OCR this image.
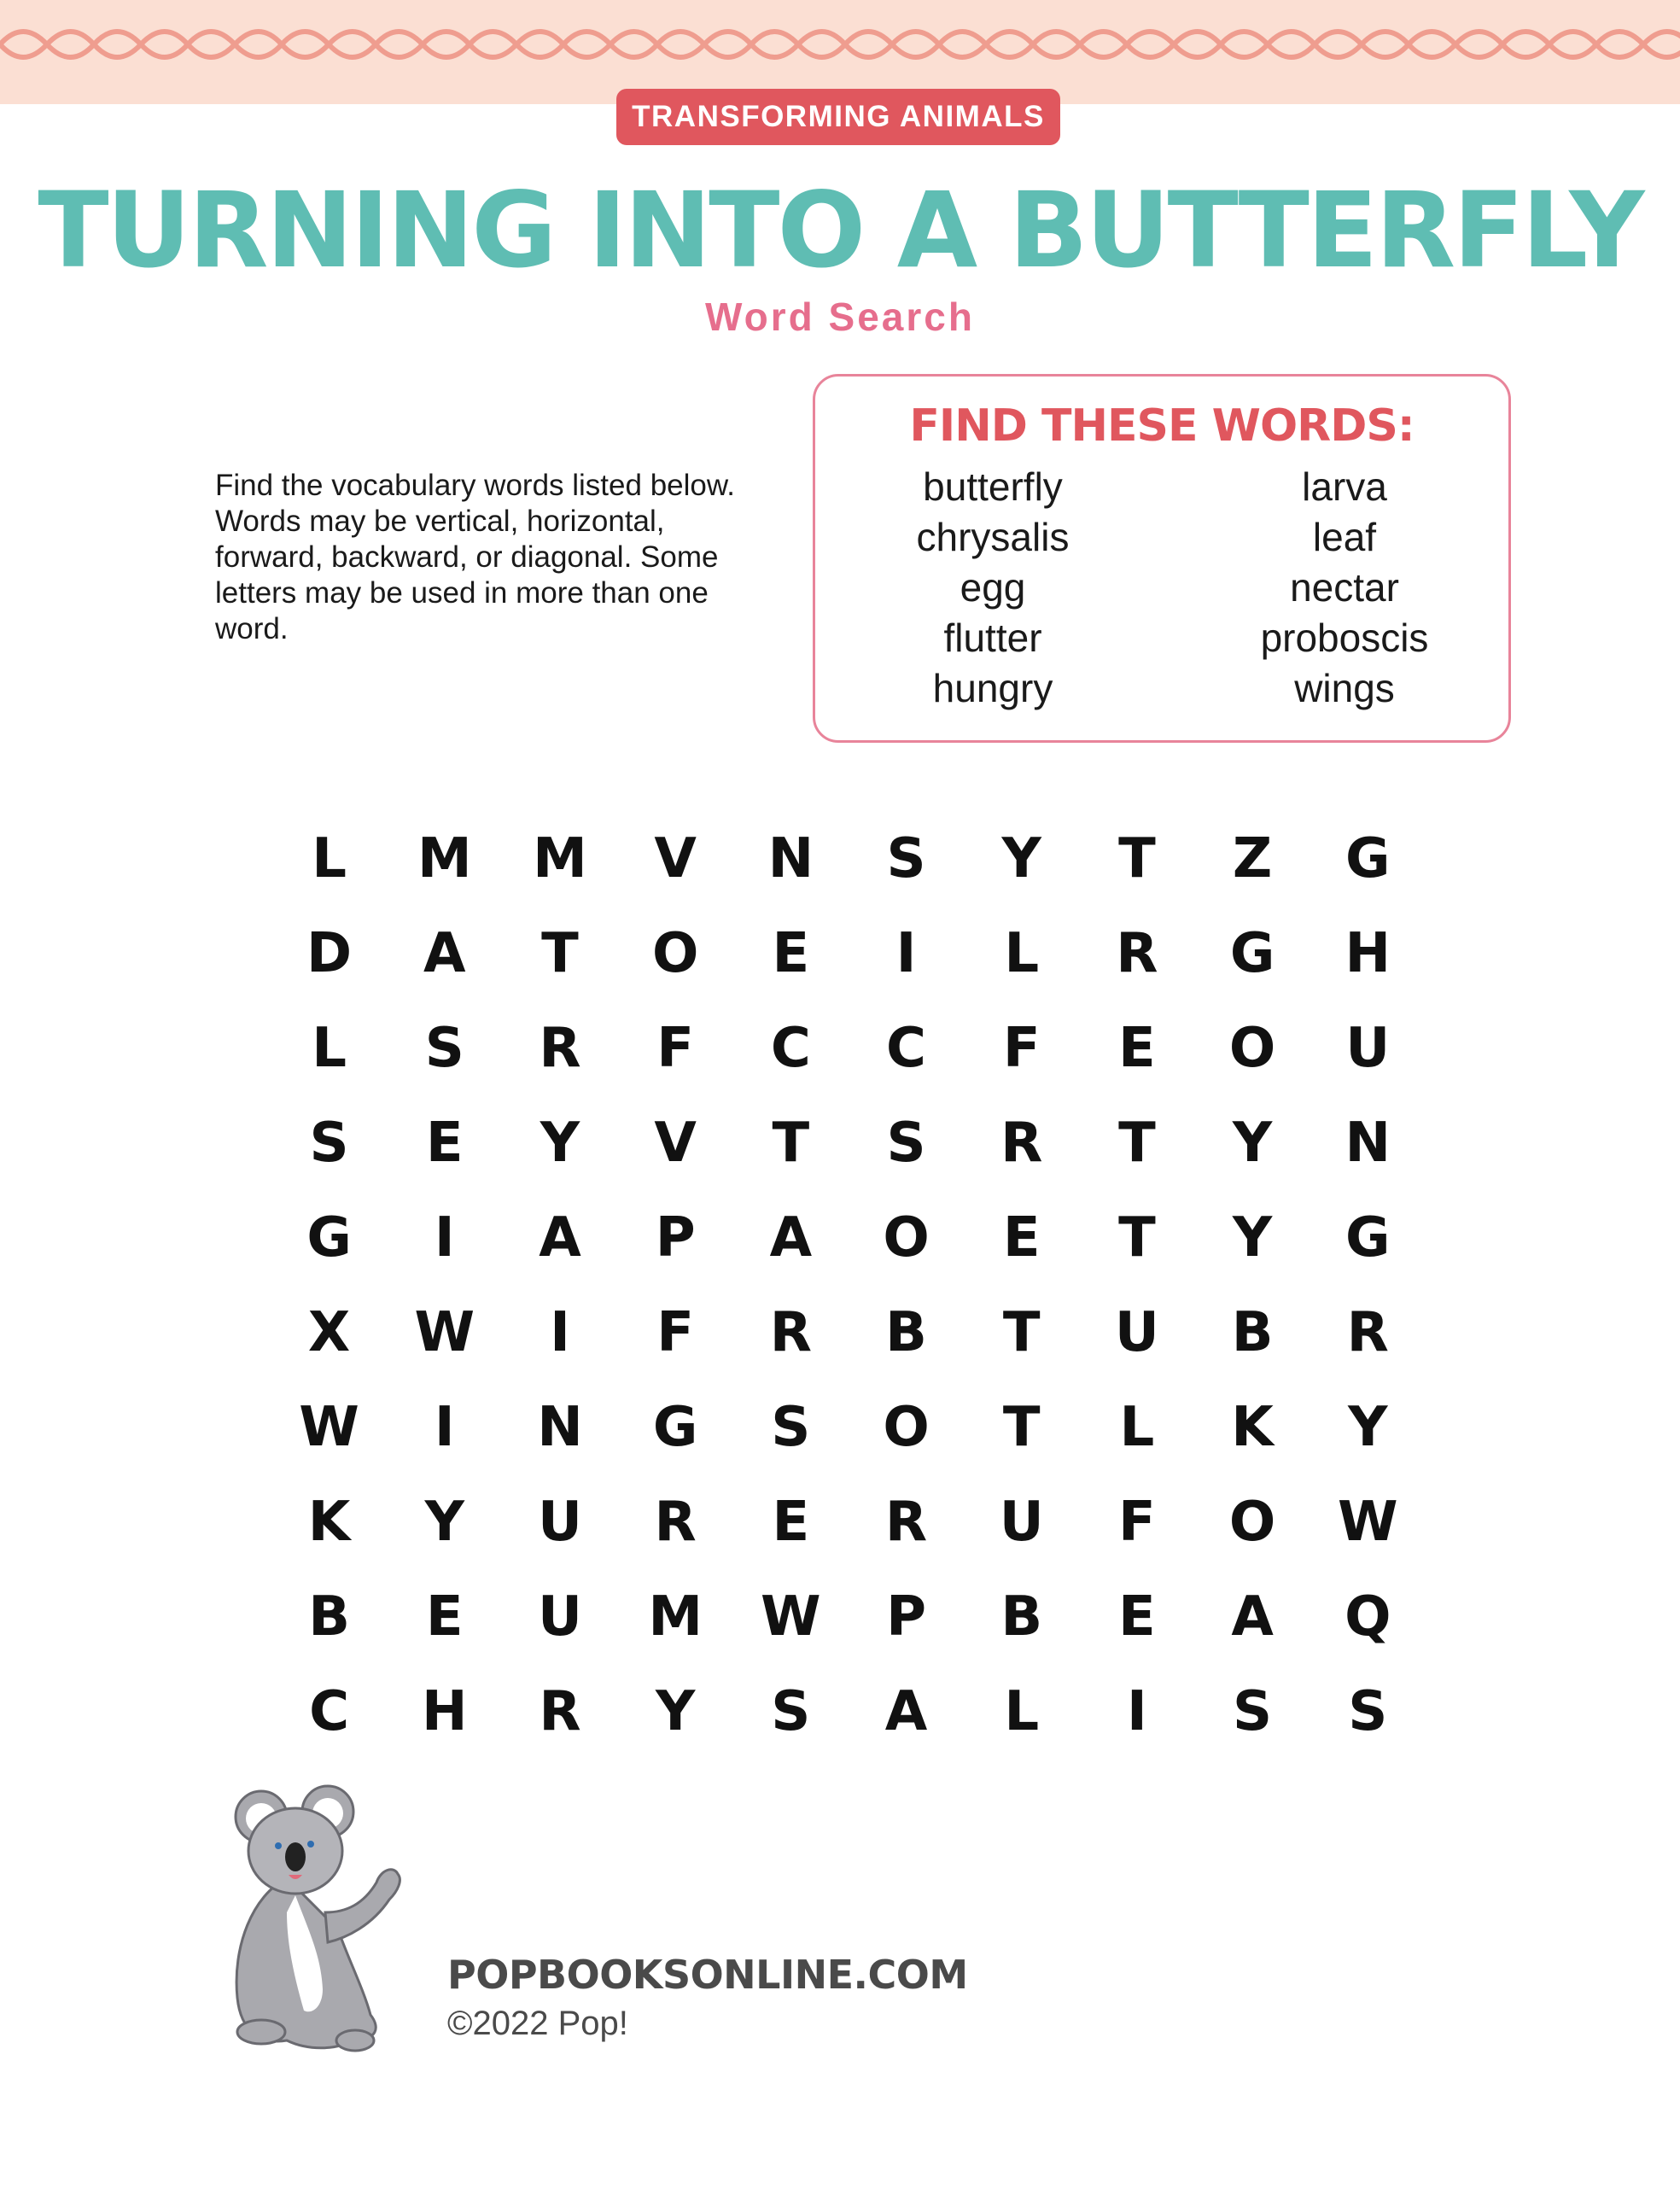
TRANSFORMING ANIMALS
TURNING INTO A BUTTERFLY
Word Search

Find the vocabulary words listed below. Words may be vertical, horizontal, forward, backward, or diagonal. Some letters may be used in more than one word.

FIND THESE WORDS:
butterfly
chrysalis
egg
flutter
hungry
larva
leaf
nectar
proboscis
wings
L	M	M	V	N	S	Y	T	Z	G
D	A	T	O	E	I	L	R	G	H
L	S	R	F	C	C	F	E	O	U
S	E	Y	V	T	S	R	T	Y	N
G	I	A	P	A	O	E	T	Y	G
X	W	I	F	R	B	T	U	B	R
W	I	N	G	S	O	T	L	K	Y
K	Y	U	R	E	R	U	F	O	W
B	E	U	M	W	P	B	E	A	Q
C	H	R	Y	S	A	L	I	S	S
POPBOOKSONLINE.COM
©2022 Pop!
